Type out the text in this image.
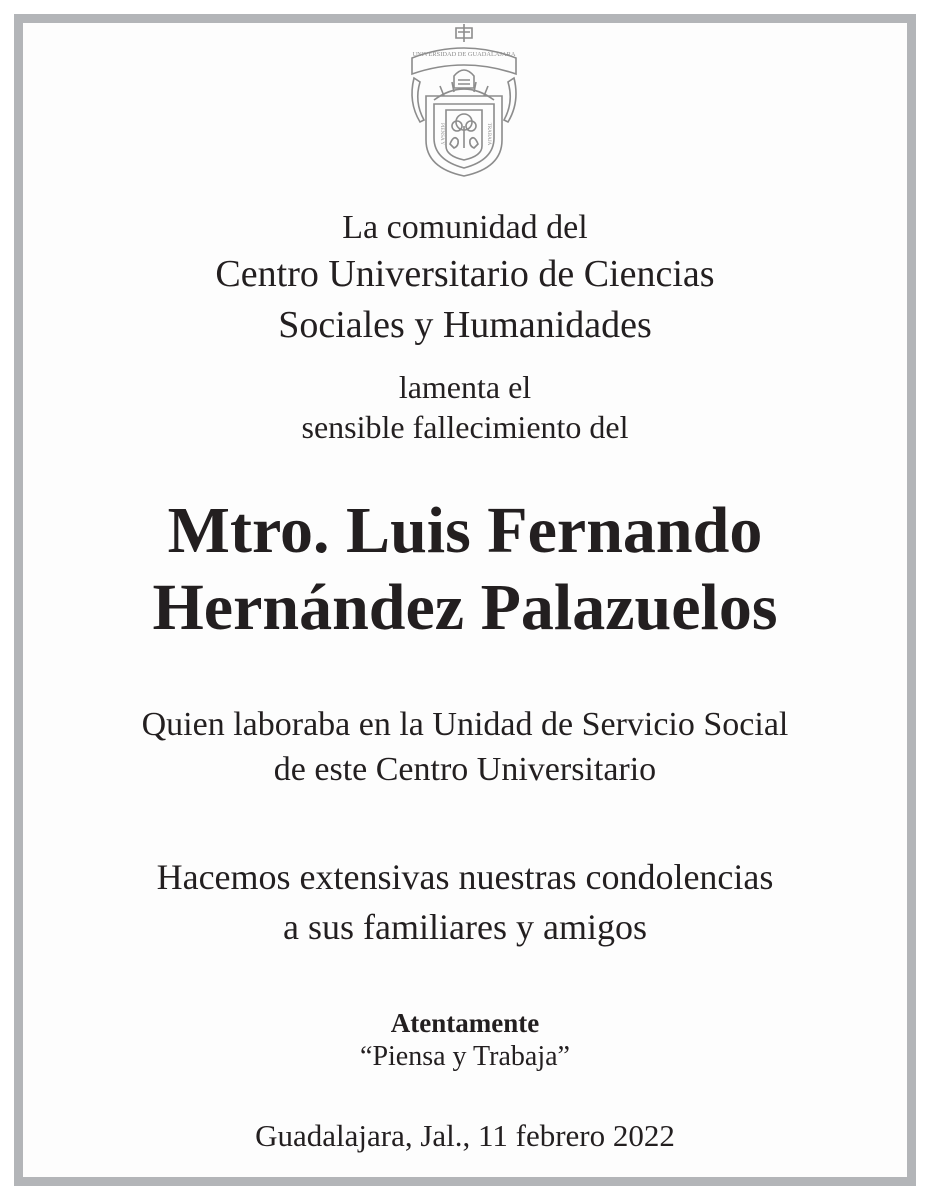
UNIVERSIDAD DE GUADALAJARA
PIENSA Y	TRABAJA
La comunidad del
Centro Universitario de Ciencias
Sociales y Humanidades
lamenta el
sensible fallecimiento del
Mtro. Luis Fernando
Hernández Palazuelos
Quien laboraba en la Unidad de Servicio Social
de este Centro Universitario
Hacemos extensivas nuestras condolencias
a sus familiares y amigos
Atentamente
“Piensa y Trabaja”
Guadalajara, Jal., 11 febrero 2022
